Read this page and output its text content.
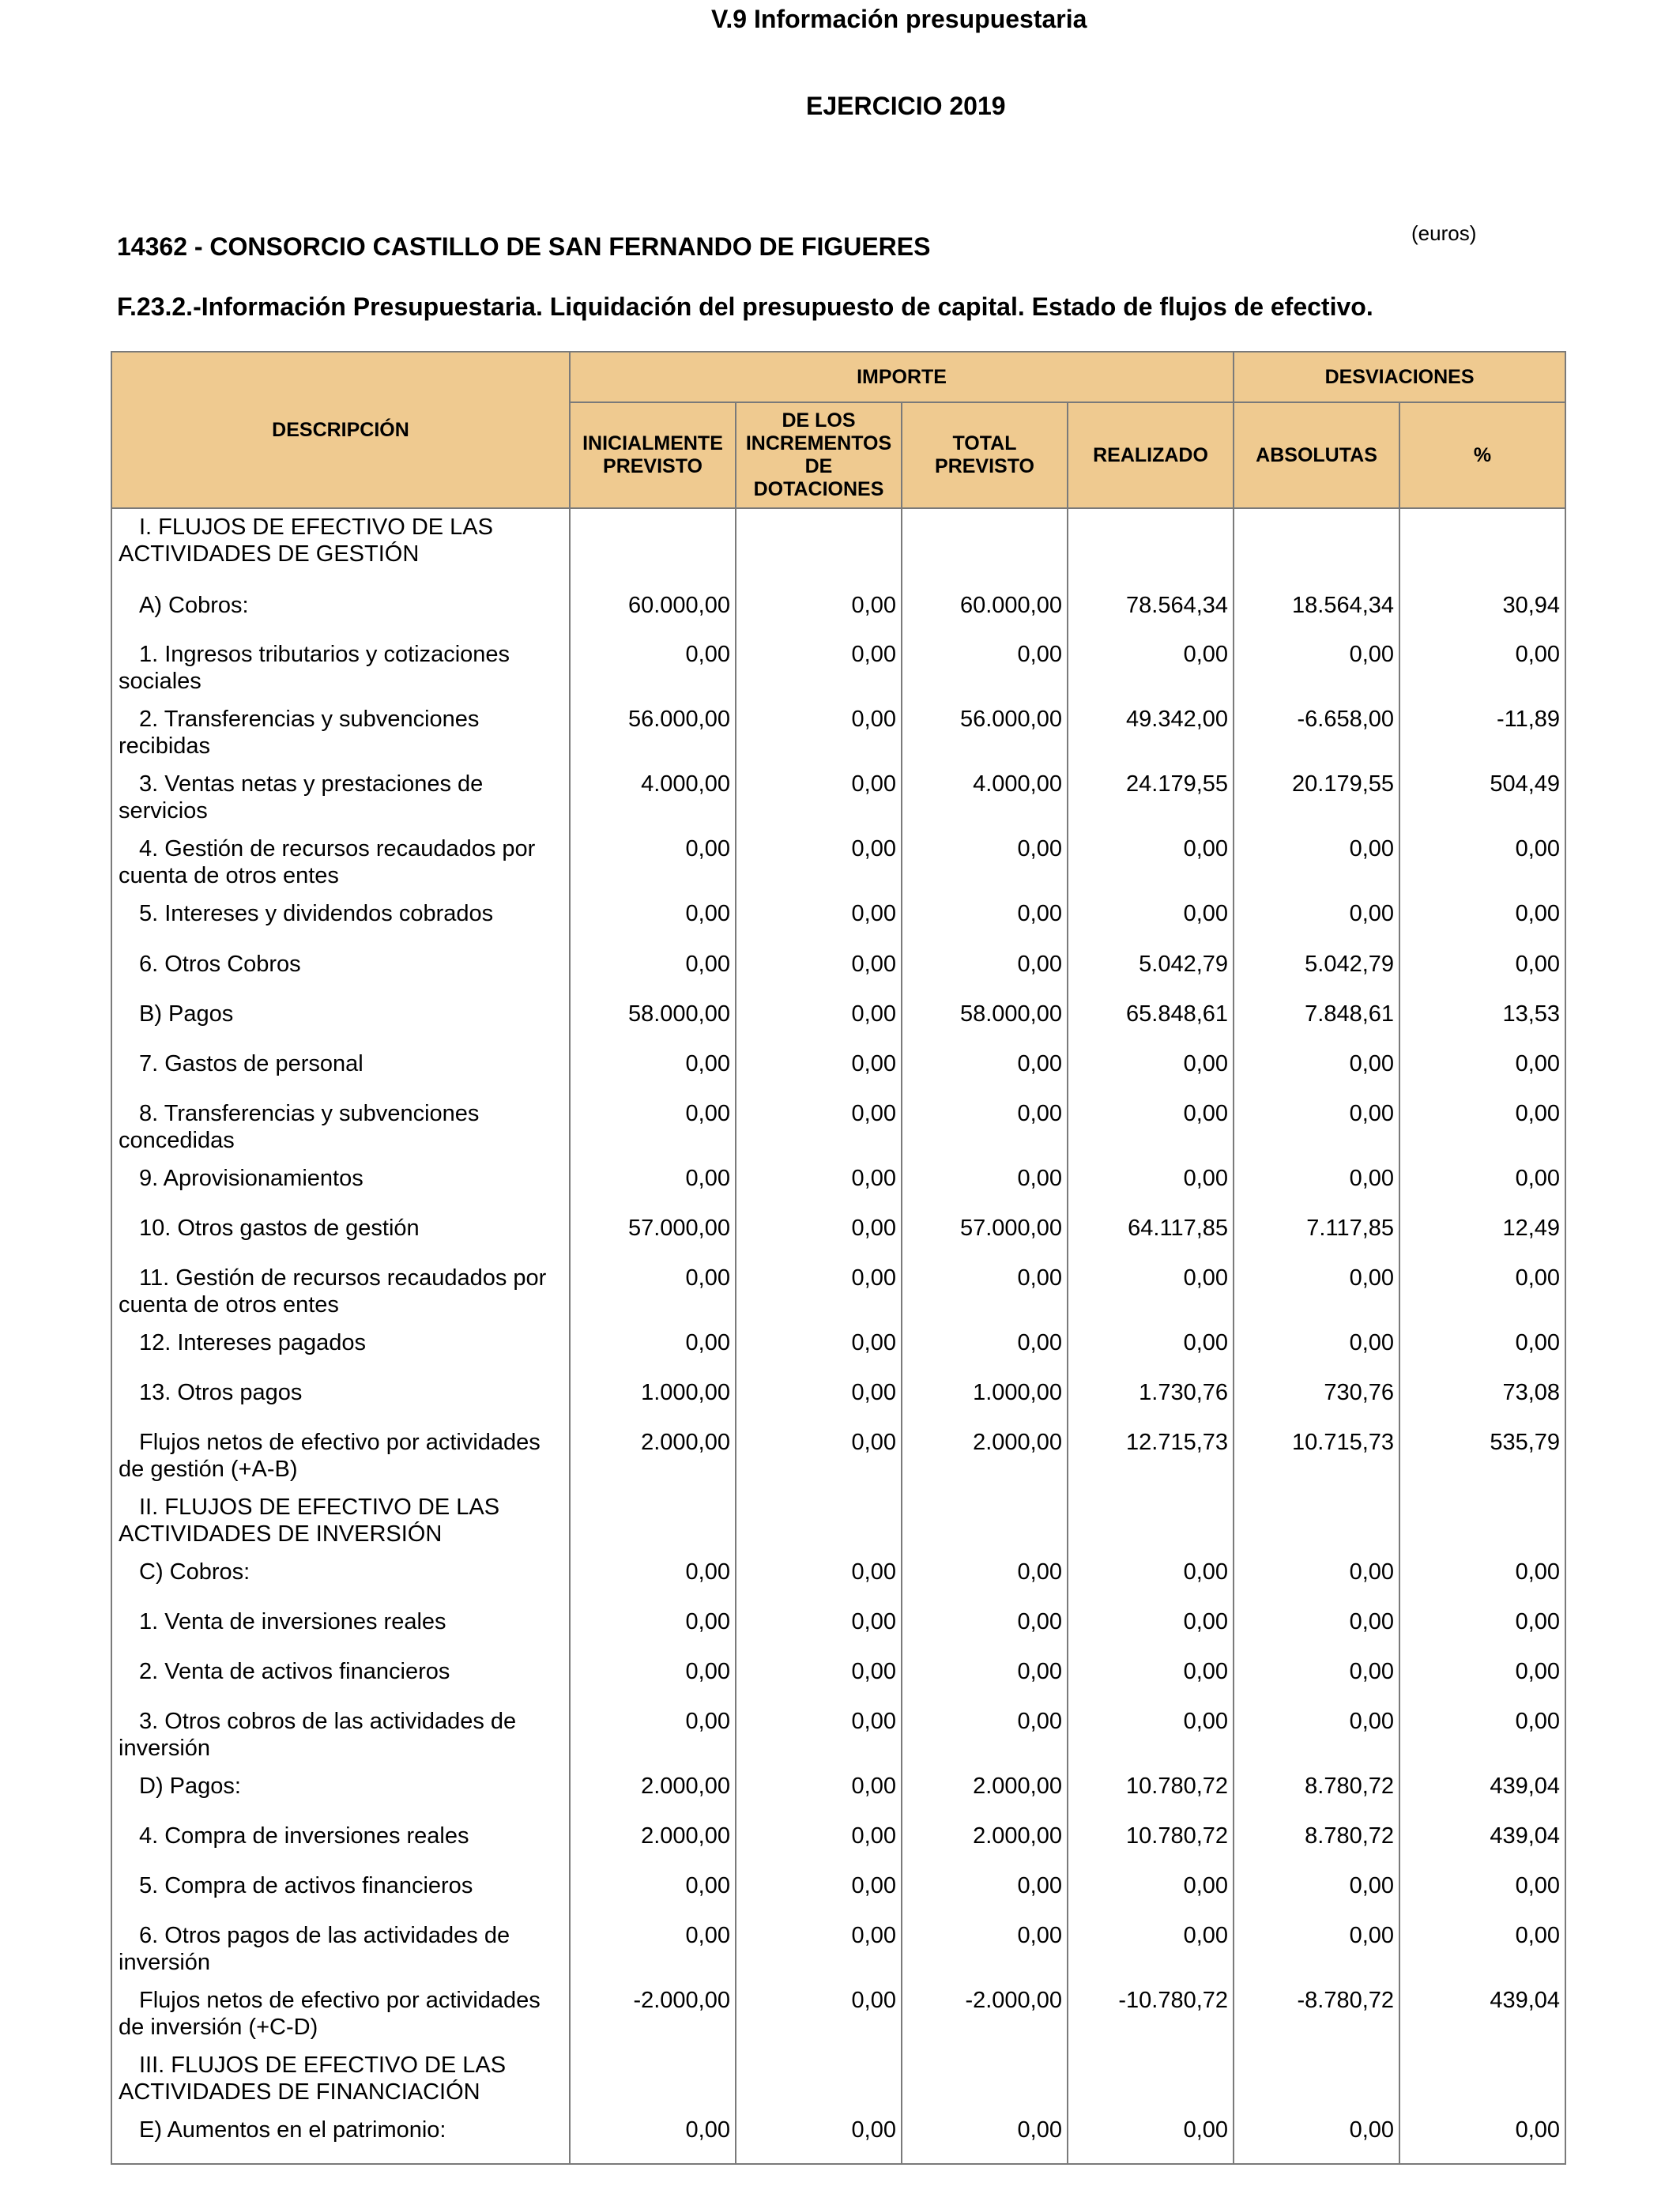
V.9 Información presupuestaria
EJERCICIO 2019
14362 - CONSORCIO CASTILLO DE SAN FERNANDO DE FIGUERES	(euros)
F.23.2.-Información Presupuestaria. Liquidación del presupuesto de capital. Estado de flujos de efectivo.
DESCRIPCIÓN	IMPORTE				DESVIACIONES	
	INICIALMENTE PREVISTO	DE LOS INCREMENTOS DE DOTACIONES	TOTAL PREVISTO	REALIZADO	ABSOLUTAS	%
I. FLUJOS DE EFECTIVO DE LAS ACTIVIDADES DE GESTIÓN						
A) Cobros:	60.000,00	0,00	60.000,00	78.564,34	18.564,34	30,94
1. Ingresos tributarios y cotizaciones sociales	0,00	0,00	0,00	0,00	0,00	0,00
2. Transferencias y subvenciones recibidas	56.000,00	0,00	56.000,00	49.342,00	-6.658,00	-11,89
3. Ventas netas y prestaciones de servicios	4.000,00	0,00	4.000,00	24.179,55	20.179,55	504,49
4. Gestión de recursos recaudados por cuenta de otros entes	0,00	0,00	0,00	0,00	0,00	0,00
5. Intereses y dividendos cobrados	0,00	0,00	0,00	0,00	0,00	0,00
6. Otros Cobros	0,00	0,00	0,00	5.042,79	5.042,79	0,00
B) Pagos	58.000,00	0,00	58.000,00	65.848,61	7.848,61	13,53
7. Gastos de personal	0,00	0,00	0,00	0,00	0,00	0,00
8. Transferencias y subvenciones concedidas	0,00	0,00	0,00	0,00	0,00	0,00
9. Aprovisionamientos	0,00	0,00	0,00	0,00	0,00	0,00
10. Otros gastos de gestión	57.000,00	0,00	57.000,00	64.117,85	7.117,85	12,49
11. Gestión de recursos recaudados por cuenta de otros entes	0,00	0,00	0,00	0,00	0,00	0,00
12. Intereses pagados	0,00	0,00	0,00	0,00	0,00	0,00
13. Otros pagos	1.000,00	0,00	1.000,00	1.730,76	730,76	73,08
Flujos netos de efectivo por actividades de gestión (+A-B)	2.000,00	0,00	2.000,00	12.715,73	10.715,73	535,79
II. FLUJOS DE EFECTIVO DE LAS ACTIVIDADES DE INVERSIÓN						
C) Cobros:	0,00	0,00	0,00	0,00	0,00	0,00
1. Venta de inversiones reales	0,00	0,00	0,00	0,00	0,00	0,00
2. Venta de activos financieros	0,00	0,00	0,00	0,00	0,00	0,00
3. Otros cobros de las actividades de inversión	0,00	0,00	0,00	0,00	0,00	0,00
D) Pagos:	2.000,00	0,00	2.000,00	10.780,72	8.780,72	439,04
4. Compra de inversiones reales	2.000,00	0,00	2.000,00	10.780,72	8.780,72	439,04
5. Compra de activos financieros	0,00	0,00	0,00	0,00	0,00	0,00
6. Otros pagos de las actividades de inversión	0,00	0,00	0,00	0,00	0,00	0,00
Flujos netos de efectivo por actividades de inversión (+C-D)	-2.000,00	0,00	-2.000,00	-10.780,72	-8.780,72	439,04
III. FLUJOS DE EFECTIVO DE LAS ACTIVIDADES DE FINANCIACIÓN						
E) Aumentos en el patrimonio:	0,00	0,00	0,00	0,00	0,00	0,00
